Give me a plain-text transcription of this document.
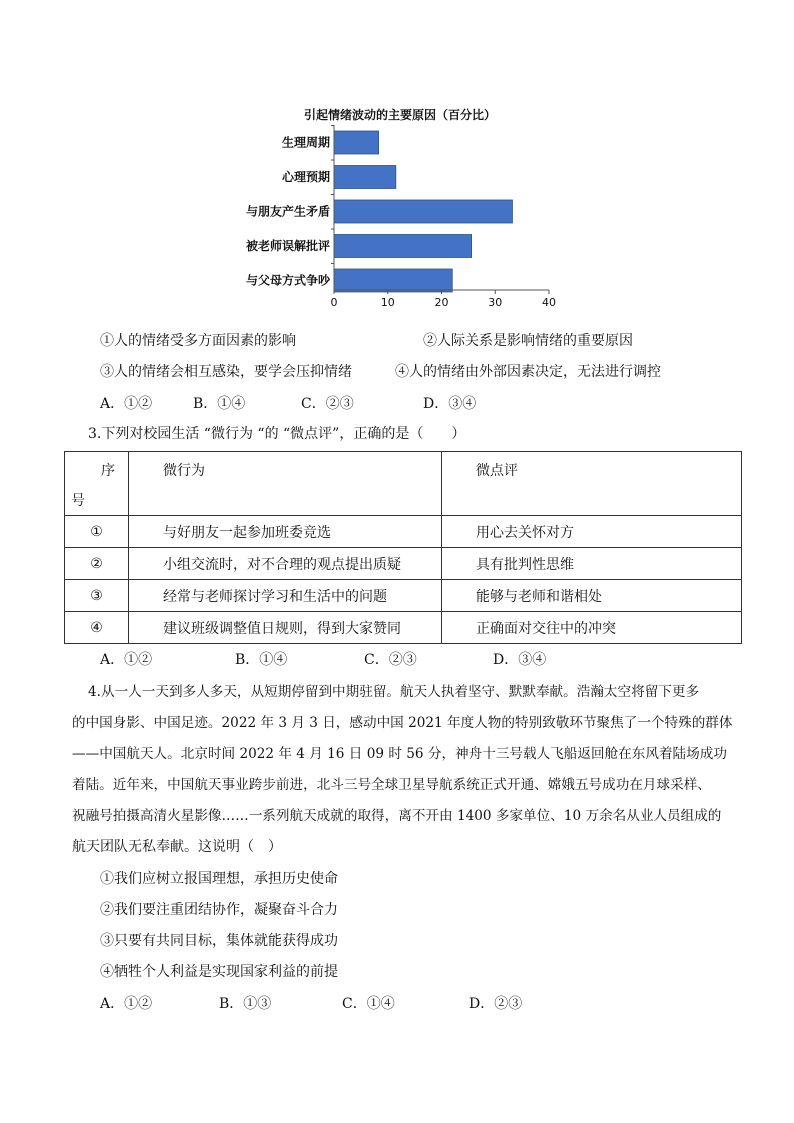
引起情绪波动的主要原因（百分比）
生理周期
心理预期
与朋友产生矛盾
被老师误解批评
与父母方式争吵
0	10	20	30	40
①人的情绪受多方面因素的影响	②人际关系是影响情绪的重要原因
③人的情绪会相互感染，要学会压抑情绪	④人的情绪由外部因素决定，无法进行调控
A．①②	B．①④	C．②③	D．③④
3.下列对校园生活 “微行为 “的 “微点评”，正确的是（　　）
序
号	微行为	微点评

①	与好朋友一起参加班委竞选	用心去关怀对方
②	小组交流时，对不合理的观点提出质疑	具有批判性思维
③	经常与老师探讨学习和生活中的问题	能够与老师和谐相处
④	建议班级调整值日规则，得到大家赞同	正确面对交往中的冲突
A．①②	B．①④	C．②③	D．③④
4.从一人一天到多人多天，从短期停留到中期驻留。航天人执着坚守、默默奉献。浩瀚太空将留下更多
的中国身影、中国足迹。2022 年 3 月 3 日，感动中国 2021 年度人物的特别致敬环节聚焦了一个特殊的群体
——中国航天人。北京时间 2022 年 4 月 16 日 09 时 56 分，神舟十三号载人飞船返回舱在东风着陆场成功
着陆。近年来，中国航天事业跨步前进，北斗三号全球卫星导航系统正式开通、嫦娥五号成功在月球采样、
祝融号拍摄高清火星影像……一系列航天成就的取得，离不开由 1400 多家单位、10 万余名从业人员组成的
航天团队无私奉献。这说明（　）
①我们应树立报国理想，承担历史使命
②我们要注重团结协作，凝聚奋斗合力
③只要有共同目标，集体就能获得成功
④牺牲个人利益是实现国家利益的前提
A．①②	B．①③	C．①④	D．②③
